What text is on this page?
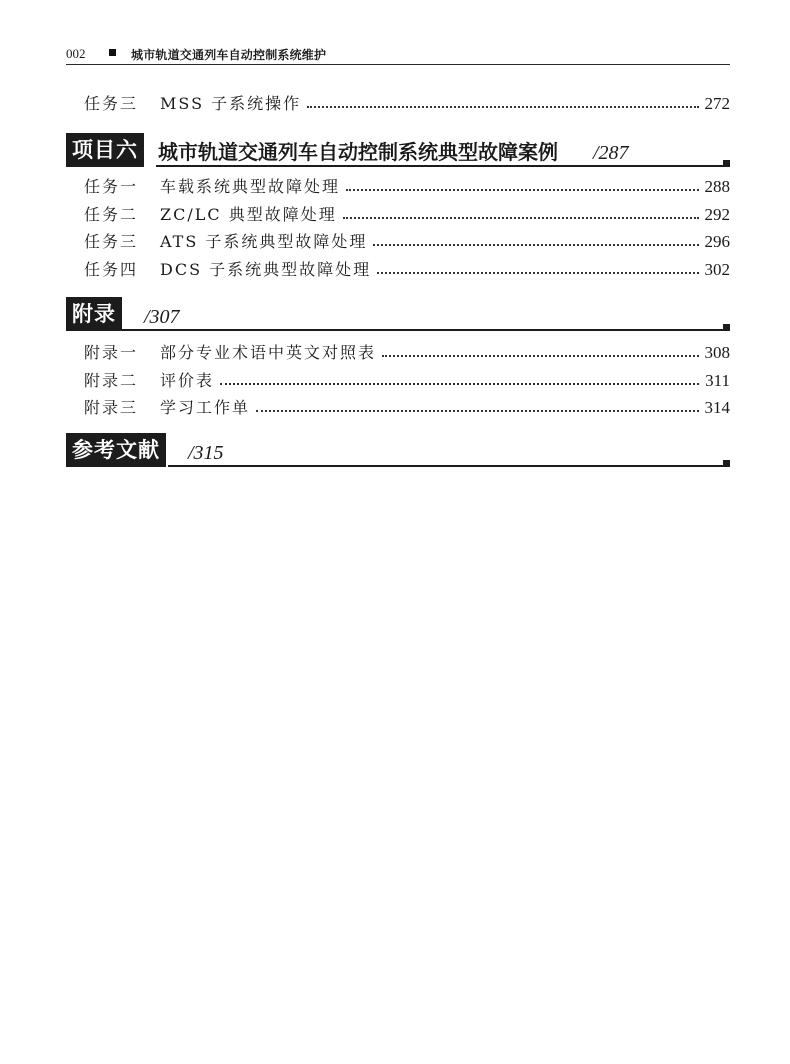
002	城市轨道交通列车自动控制系统维护
任务三	MSS 子系统操作	272
项目六	城市轨道交通列车自动控制系统典型故障案例 /287
任务一	车载系统典型故障处理	288
任务二	ZC/LC 典型故障处理	292
任务三	ATS 子系统典型故障处理	296
任务四	DCS 子系统典型故障处理	302
附录	/307
附录一	部分专业术语中英文对照表	308
附录二	评价表	311
附录三	学习工作单	314
参考文献	/315
